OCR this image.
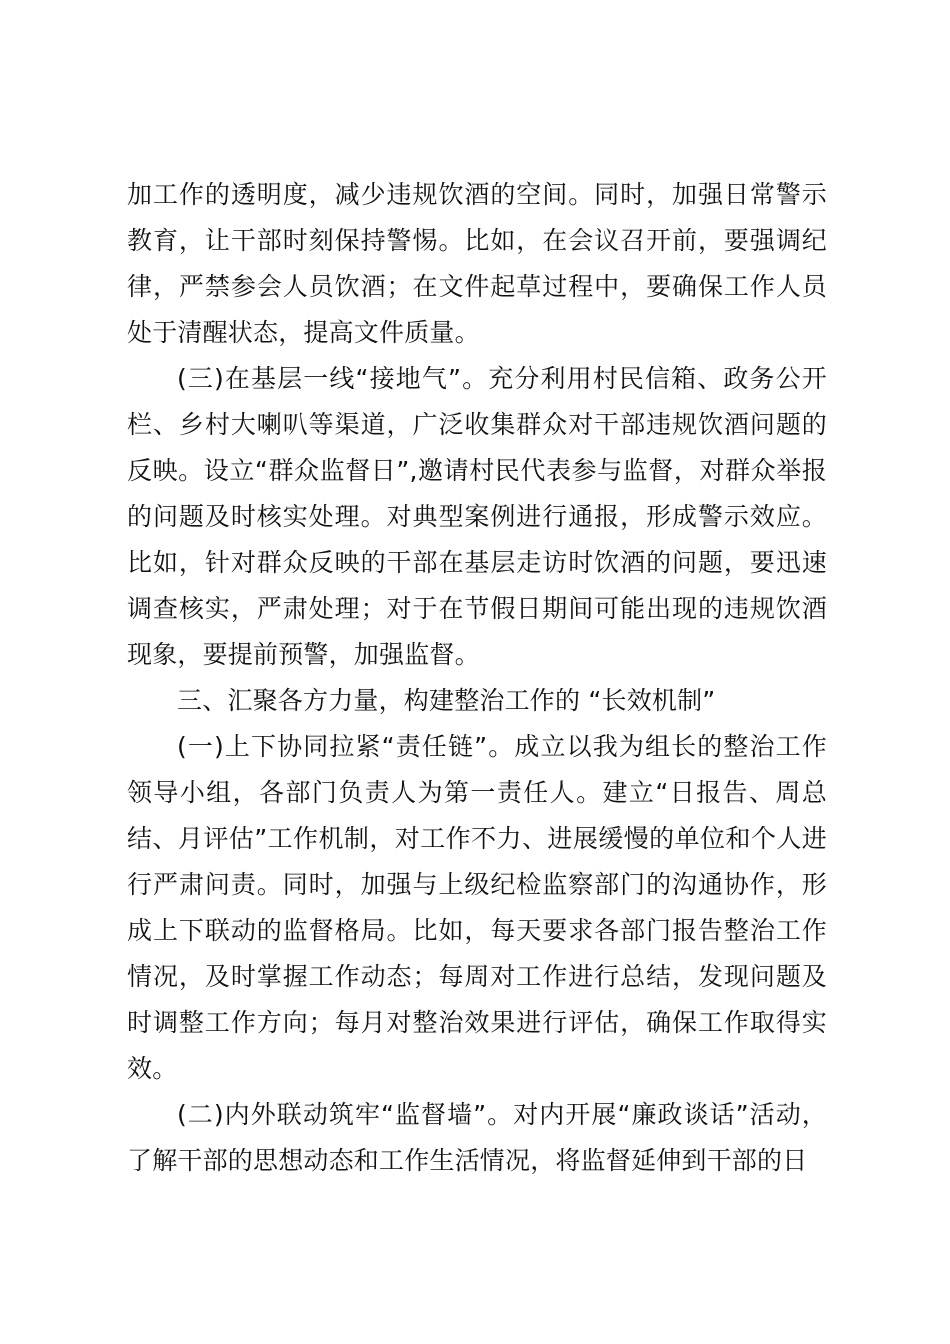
加工作的透明度，减少违规饮酒的空间。同时，加强日常警示教育，让干部时刻保持警惕。比如，在会议召开前，要强调纪律，严禁参会人员饮酒；在文件起草过程中，要确保工作人员处于清醒状态，提高文件质量。

(三)在基层一线“接地气”。充分利用村民信箱、政务公开栏、乡村大喇叭等渠道，广泛收集群众对干部违规饮酒问题的反映。设立“群众监督日”,邀请村民代表参与监督，对群众举报的问题及时核实处理。对典型案例进行通报，形成警示效应。比如，针对群众反映的干部在基层走访时饮酒的问题，要迅速调查核实，严肃处理；对于在节假日期间可能出现的违规饮酒现象，要提前预警，加强监督。

三、汇聚各方力量，构建整治工作的 “长效机制”

(一)上下协同拉紧“责任链”。成立以我为组长的整治工作领导小组，各部门负责人为第一责任人。建立“日报告、周总结、月评估”工作机制，对工作不力、进展缓慢的单位和个人进行严肃问责。同时，加强与上级纪检监察部门的沟通协作，形成上下联动的监督格局。比如，每天要求各部门报告整治工作情况，及时掌握工作动态；每周对工作进行总结，发现问题及时调整工作方向；每月对整治效果进行评估，确保工作取得实效。

(二)内外联动筑牢“监督墙”。对内开展“廉政谈话”活动，了解干部的思想动态和工作生活情况，将监督延伸到干部的日
